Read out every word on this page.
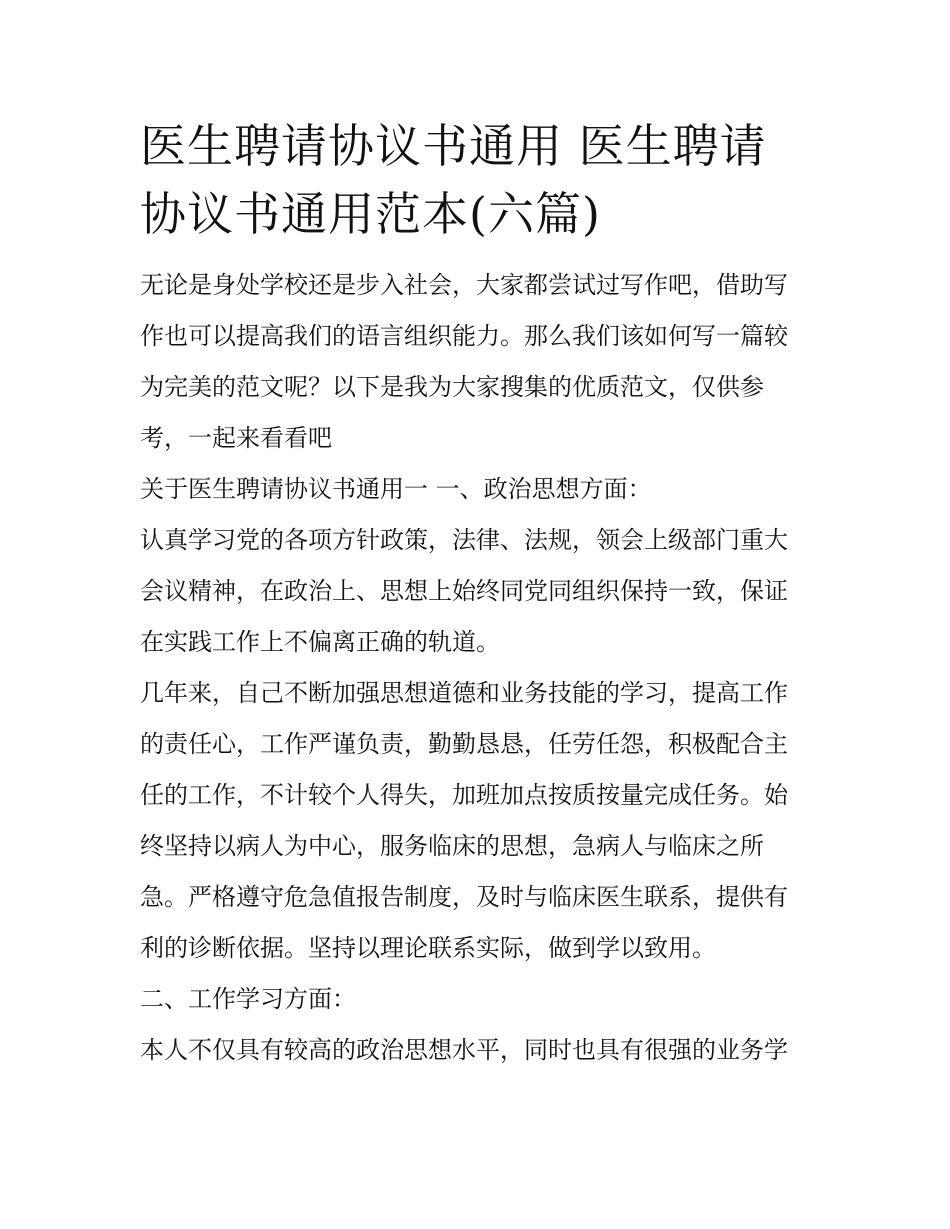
医生聘请协议书通用 医生聘请
协议书通用范本(六篇)

无论是身处学校还是步入社会，大家都尝试过写作吧，借助写
作也可以提高我们的语言组织能力。那么我们该如何写一篇较
为完美的范文呢？以下是我为大家搜集的优质范文，仅供参
考，一起来看看吧

关于医生聘请协议书通用一 一、政治思想方面：

认真学习党的各项方针政策，法律、法规，领会上级部门重大
会议精神，在政治上、思想上始终同党同组织保持一致，保证
在实践工作上不偏离正确的轨道。

几年来，自己不断加强思想道德和业务技能的学习，提高工作
的责任心，工作严谨负责，勤勤恳恳，任劳任怨，积极配合主
任的工作，不计较个人得失，加班加点按质按量完成任务。始
终坚持以病人为中心，服务临床的思想，急病人与临床之所
急。严格遵守危急值报告制度，及时与临床医生联系，提供有
利的诊断依据。坚持以理论联系实际，做到学以致用。

二、工作学习方面：

本人不仅具有较高的政治思想水平，同时也具有很强的业务学
